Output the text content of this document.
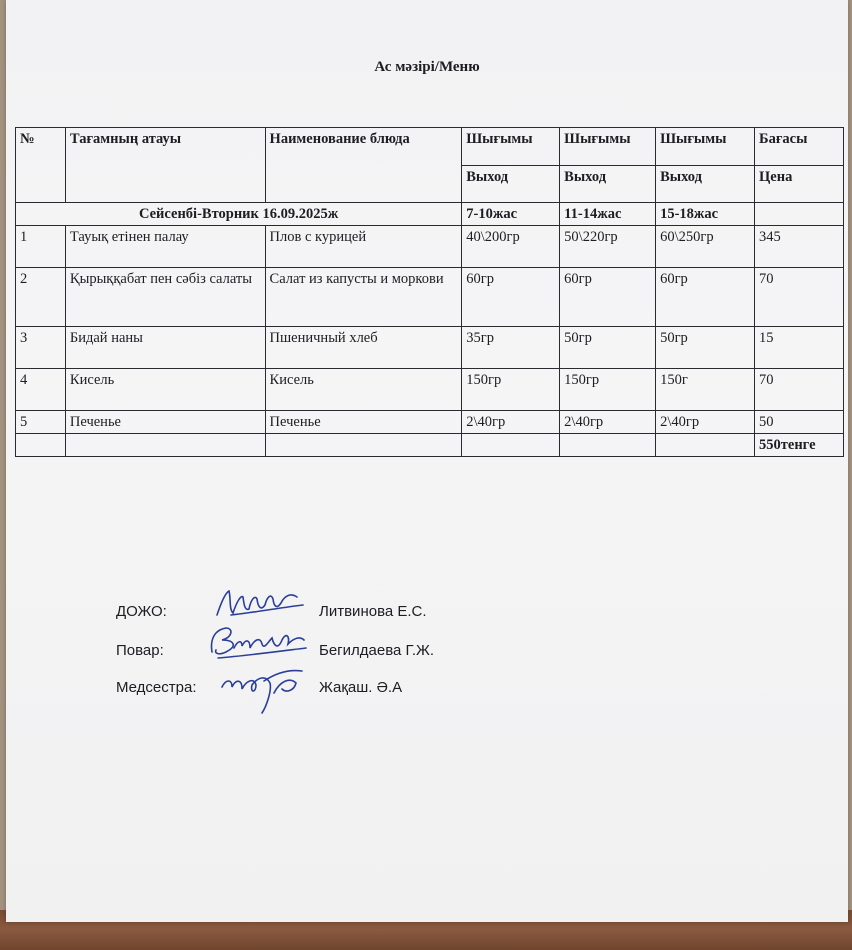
Ас мәзірі/Меню
№	Тағамның атауы	Наименование блюда	Шығымы	Шығымы	Шығымы	Бағасы
			Выход	Выход	Выход	Цена
Сейсенбі-Вторник 16.09.2025ж			7-10жас	11-14жас	15-18жас	
1	Тауық етінен палау	Плов с курицей	40\200гр	50\220гр	60\250гр	345
2	Қырыққабат пен сәбіз салаты	Салат из капусты и моркови	60гр	60гр	60гр	70
3	Бидай наны	Пшеничный хлеб	35гр	50гр	50гр	15
4	Кисель	Кисель	150гр	150гр	150г	70
5	Печенье	Печенье	2\40гр	2\40гр	2\40гр	50
						550тенге
ДОЖО:	Литвинова Е.С.
Повар:	Бегилдаева Г.Ж.
Медсестра:	Жақаш. Ә.А
